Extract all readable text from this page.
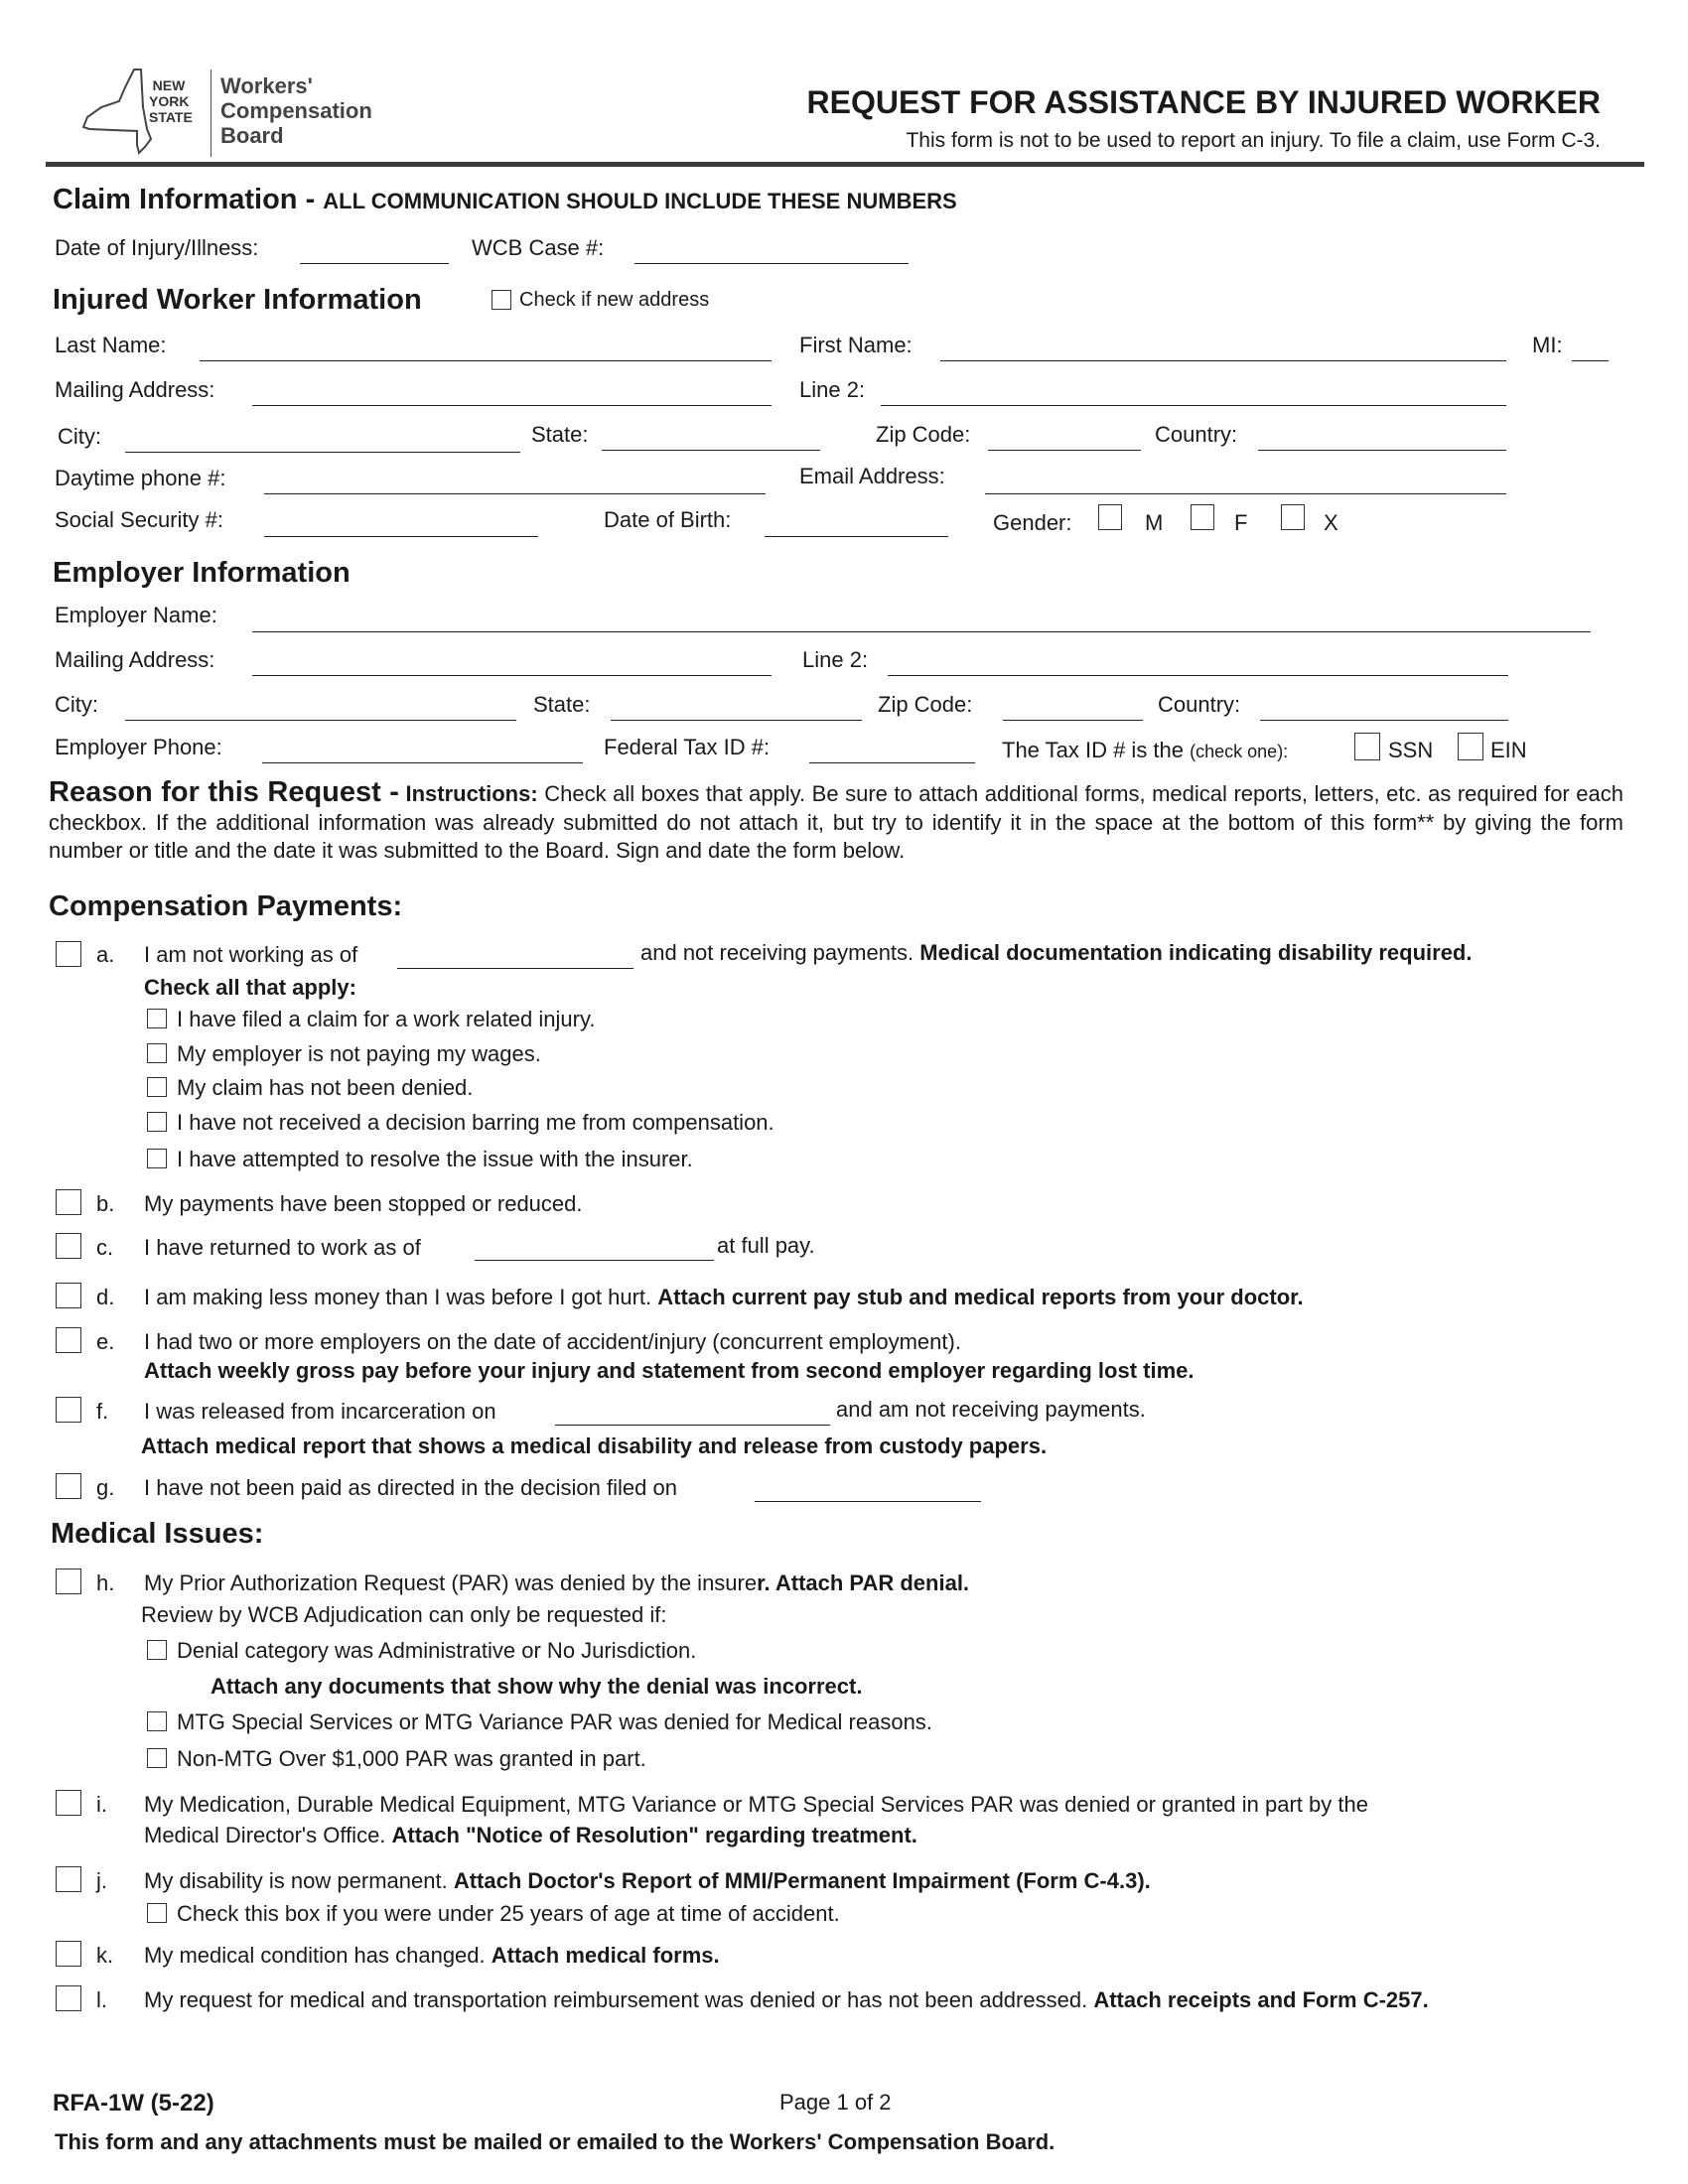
NEW
YORK
STATE
Workers'
Compensation
Board
REQUEST FOR ASSISTANCE BY INJURED WORKER
This form is not to be used to report an injury. To file a claim, use Form C-3.
Claim Information - ALL COMMUNICATION SHOULD INCLUDE THESE NUMBERS
Date of Injury/Illness:	WCB Case #:
Injured Worker Information	Check if new address
Last Name:	First Name:	MI:
Mailing Address:	Line 2:
City:	State:	Zip Code:	Country:
Daytime phone #:	Email Address:
Social Security #:	Date of Birth:	Gender:	M	F	X
Employer Information
Employer Name:
Mailing Address:	Line 2:
City:	State:	Zip Code:	Country:
Employer Phone:	Federal Tax ID #:	The Tax ID # is the (check one):	SSN	EIN
Reason for this Request - Instructions: Check all boxes that apply. Be sure to attach additional forms, medical reports, letters, etc. as required for each checkbox. If the additional information was already submitted do not attach it, but try to identify it in the space at the bottom of this form** by giving the form number or title and the date it was submitted to the Board. Sign and date the form below.
Compensation Payments:
a. I am not working as of	and not receiving payments. Medical documentation indicating disability required.
Check all that apply:
I have filed a claim for a work related injury.
My employer is not paying my wages.
My claim has not been denied.
I have not received a decision barring me from compensation.
I have attempted to resolve the issue with the insurer.
b. My payments have been stopped or reduced.
c. I have returned to work as of	at full pay.
d. I am making less money than I was before I got hurt. Attach current pay stub and medical reports from your doctor.
e. I had two or more employers on the date of accident/injury (concurrent employment).
Attach weekly gross pay before your injury and statement from second employer regarding lost time.
f. I was released from incarceration on	and am not receiving payments.
Attach medical report that shows a medical disability and release from custody papers.
g. I have not been paid as directed in the decision filed on
Medical Issues:
h. My Prior Authorization Request (PAR) was denied by the insurer. Attach PAR denial.
Review by WCB Adjudication can only be requested if:
Denial category was Administrative or No Jurisdiction.
Attach any documents that show why the denial was incorrect.
MTG Special Services or MTG Variance PAR was denied for Medical reasons.
Non-MTG Over $1,000 PAR was granted in part.
i. My Medication, Durable Medical Equipment, MTG Variance or MTG Special Services PAR was denied or granted in part by the
Medical Director's Office. Attach "Notice of Resolution" regarding treatment.
j. My disability is now permanent. Attach Doctor's Report of MMI/Permanent Impairment (Form C-4.3).
Check this box if you were under 25 years of age at time of accident.
k. My medical condition has changed. Attach medical forms.
l. My request for medical and transportation reimbursement was denied or has not been addressed. Attach receipts and Form C-257.
RFA-1W (5-22)	Page 1 of 2
This form and any attachments must be mailed or emailed to the Workers' Compensation Board.
